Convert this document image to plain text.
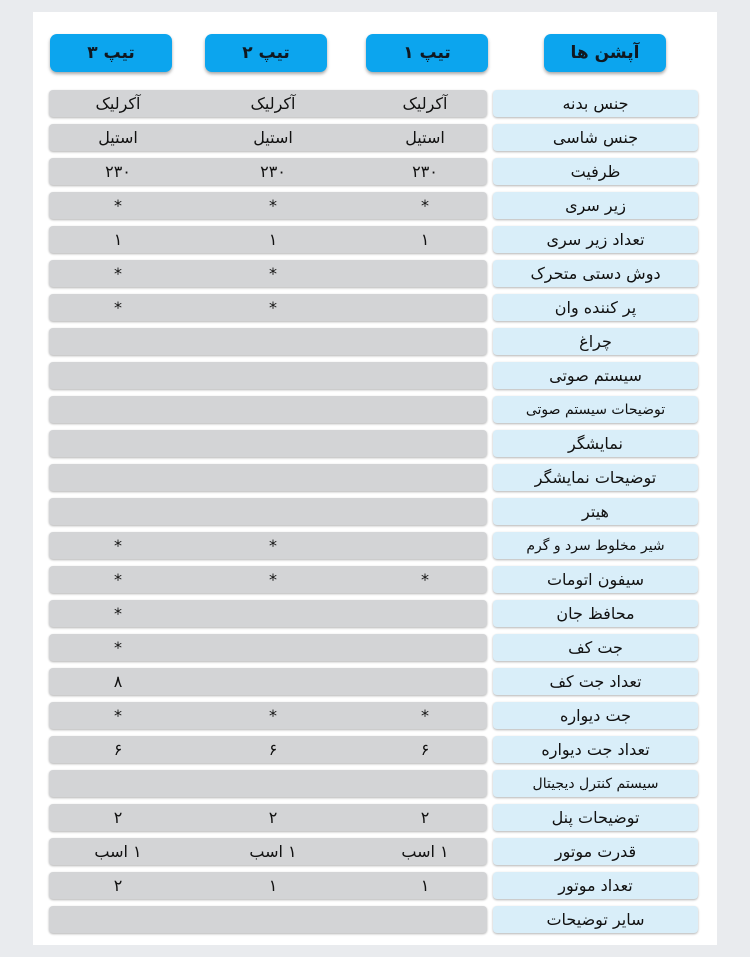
آپشن ها
تیپ ۱
تیپ ۲
تیپ ۳
جنس بدنه
آکرلیک
آکرلیک
آکرلیک
جنس شاسی
استیل
استیل
استیل
ظرفیت
۲۳۰
۲۳۰
۲۳۰
زیر سری
*
*
*
تعداد زیر سری
۱
۱
۱
دوش دستی متحرک
*
*
پر کننده وان
*
*
چراغ
سیستم صوتی
توضیحات سیستم صوتی
نمایشگر
توضیحات نمایشگر
هیتر
شیر مخلوط سرد و گرم
*
*
سیفون اتومات
*
*
*
محافظ جان
*
جت کف
*
تعداد جت کف
۸
جت دیواره
*
*
*
تعداد جت دیواره
۶
۶
۶
سیستم کنترل دیجیتال
توضیحات پنل
۲
۲
۲
قدرت موتور
۱ اسب
۱ اسب
۱ اسب
تعداد موتور
۱
۱
۲
سایر توضیحات
